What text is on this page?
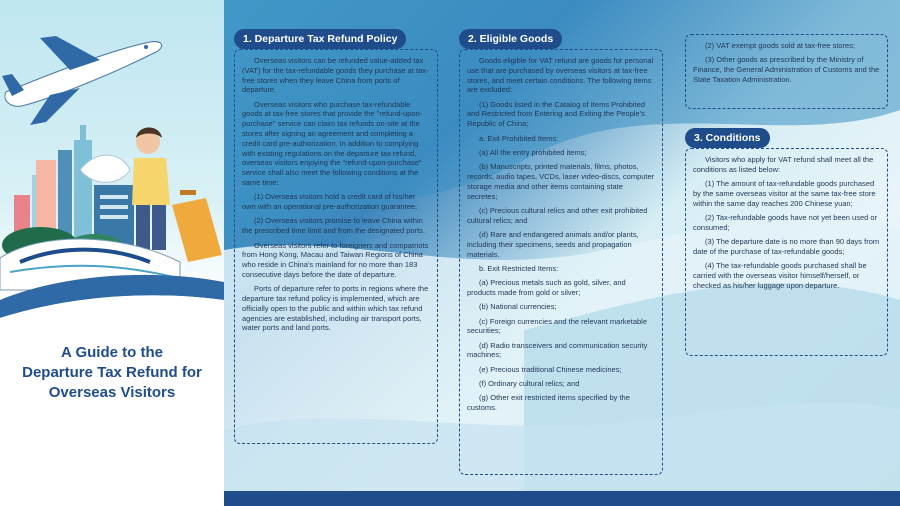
A Guide to the
Departure Tax Refund for
Overseas Visitors
1. Departure Tax Refund Policy

Overseas visitors can be refunded value-added tax (VAT) for the tax-refundable goods they purchase at tax-free stores when they leave China from ports of departure.

Overseas visitors who purchase tax-refundable goods at tax-free stores that provide the "refund-upon-purchase" service can claim tax refunds on-site at the stores after signing an agreement and completing a credit card pre-authorization. In addition to complying with existing regulations on the departure tax refund, overseas visitors enjoying the "refund-upon-purchase" service shall also meet the following conditions at the same time:

(1) Overseas visitors hold a credit card of his/her own with an operational pre-authorization guarantee;

(2) Overseas visitors promise to leave China within the prescribed time limit and from the designated ports.

Overseas visitors refer to foreigners and compatriots from Hong Kong, Macau and Taiwan Regions of China who reside in China’s mainland for no more than 183 consecutive days before the date of departure.

Ports of departure refer to ports in regions where the departure tax refund policy is implemented, which are officially open to the public and within which tax refund agencies are established, including air transport ports, water ports and land ports.

2. Eligible Goods

Goods eligible for VAT refund are goods for personal use that are purchased by overseas visitors at tax-free stores, and meet certain conditions. The following items are excluded:

(1) Goods listed in the Catalog of Items Prohibited and Restricted from Entering and Exiting the People’s Republic of China;

a. Exit Prohibited Items:

(a) All the entry prohibited items;

(b) Manuscripts, printed materials, films, photos, records, audio tapes, VCDs, laser video-discs, computer storage media and other items containing state secretes;

(c) Precious cultural relics and other exit prohibited cultural relics; and

(d) Rare and endangered animals and/or plants, including their specimens, seeds and propagation materials.

b. Exit Restricted Items:

(a) Precious metals such as gold, silver, and products made from gold or silver;

(b) National currencies;

(c) Foreign currencies and the relevant marketable securities;

(d) Radio transceivers and communication security machines;

(e) Precious traditional Chinese medicines;

(f) Ordinary cultural relics; and

(g) Other exit restricted items specified by the customs.

(2) VAT exempt goods sold at tax-free stores;

(3) Other goods as prescribed by the Ministry of Finance, the General Administration of Customs and the State Taxation Administration.

3. Conditions

Visitors who apply for VAT refund shall meet all the conditions as listed below:

(1) The amount of tax-refundable goods purchased by the same overseas visitor at the same tax-free store within the same day reaches 200 Chinese yuan;

(2) Tax-refundable goods have not yet been used or consumed;

(3) The departure date is no more than 90 days from date of the purchase of tax-refundable goods;

(4) The tax-refundable goods purchased shall be carried with the overseas visitor himself/herself, or checked as his/her luggage upon departure.
